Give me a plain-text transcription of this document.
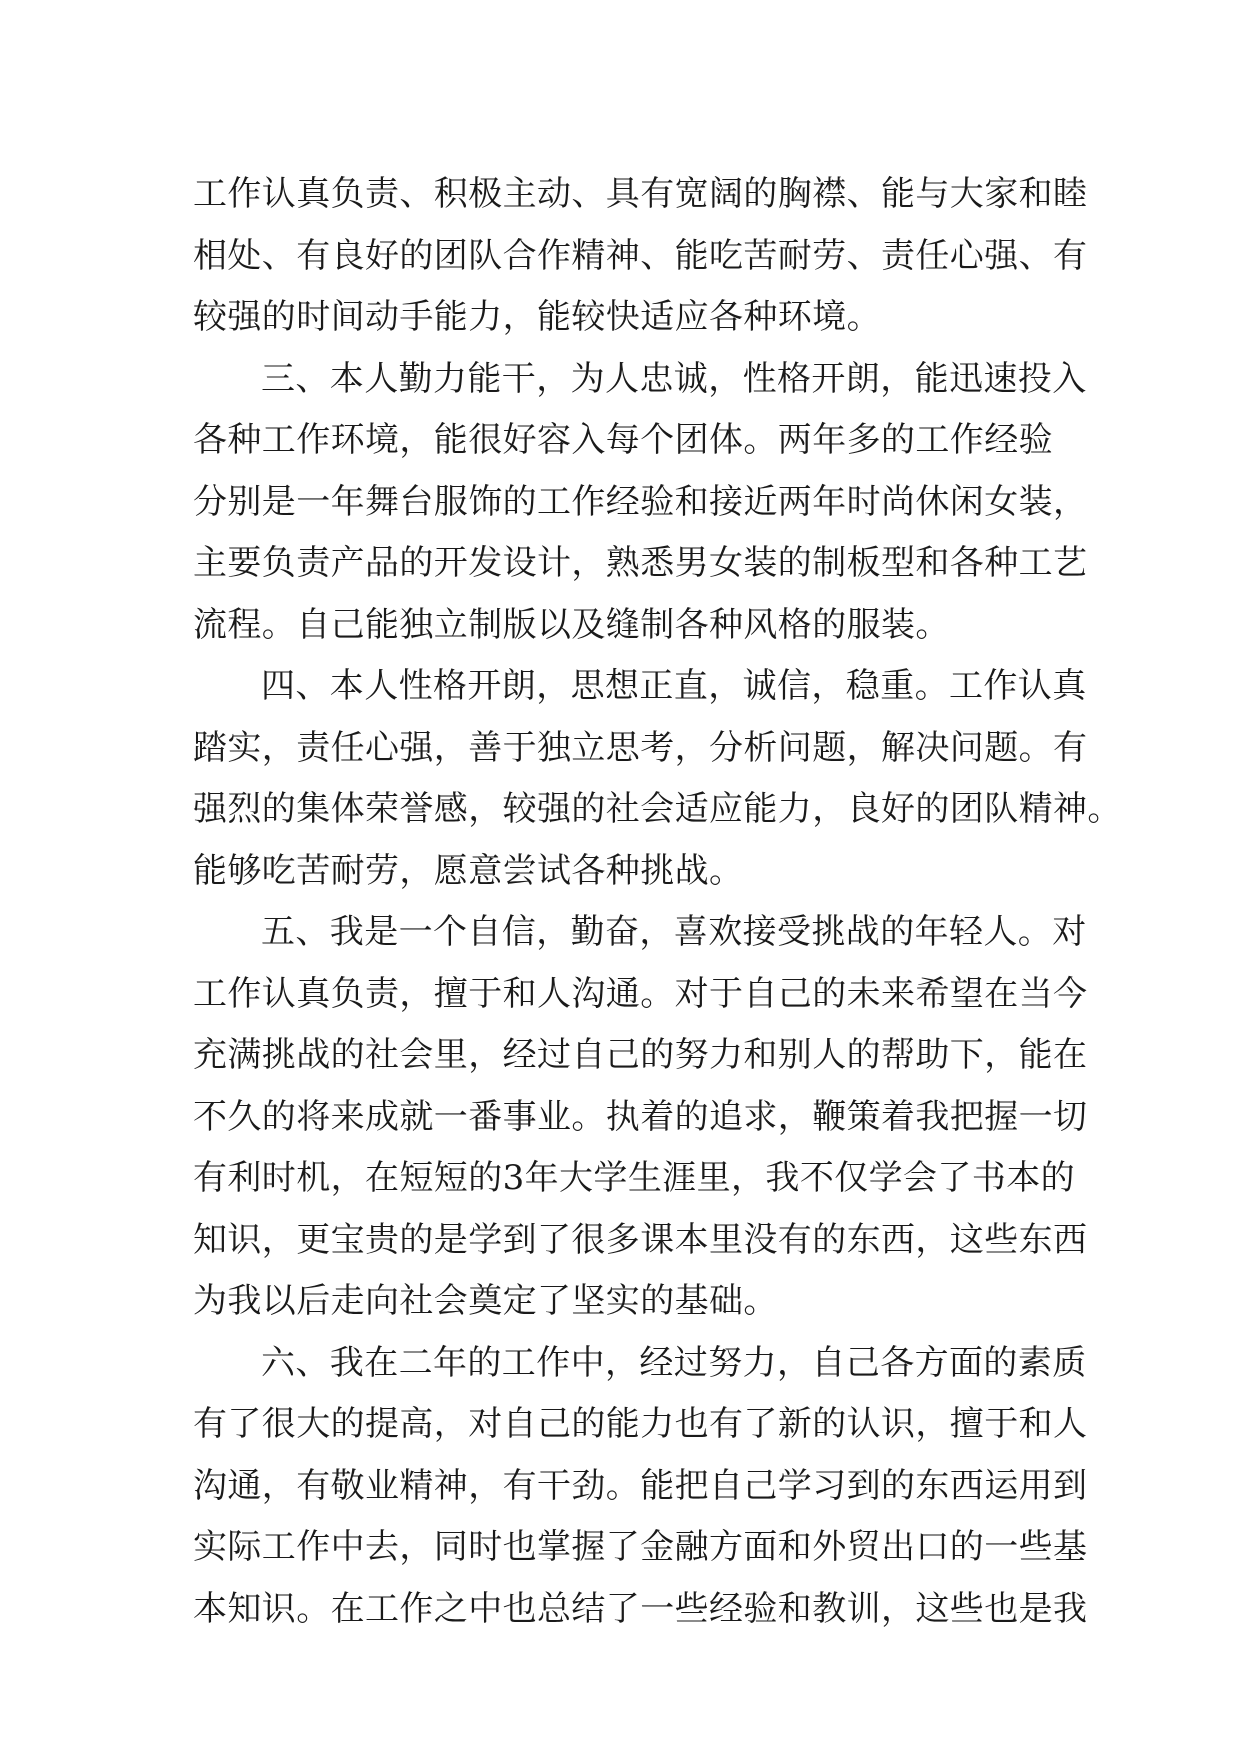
工作认真负责、积极主动、具有宽阔的胸襟、能与大家和睦
相处、有良好的团队合作精神、能吃苦耐劳、责任心强、有
较强的时间动手能力，能较快适应各种环境。
三、本人勤力能干，为人忠诚，性格开朗，能迅速投入
各种工作环境，能很好容入每个团体。两年多的工作经验
分别是一年舞台服饰的工作经验和接近两年时尚休闲女装，
主要负责产品的开发设计，熟悉男女装的制板型和各种工艺
流程。自己能独立制版以及缝制各种风格的服装。
四、本人性格开朗，思想正直，诚信，稳重。工作认真
踏实，责任心强，善于独立思考，分析问题，解决问题。有
强烈的集体荣誉感，较强的社会适应能力，良好的团队精神。
能够吃苦耐劳，愿意尝试各种挑战。
五、我是一个自信，勤奋，喜欢接受挑战的年轻人。对
工作认真负责，擅于和人沟通。对于自己的未来希望在当今
充满挑战的社会里，经过自己的努力和别人的帮助下，能在
不久的将来成就一番事业。执着的追求，鞭策着我把握一切
有利时机，在短短的3年大学生涯里，我不仅学会了书本的
知识，更宝贵的是学到了很多课本里没有的东西，这些东西
为我以后走向社会奠定了坚实的基础。
六、我在二年的工作中，经过努力，自己各方面的素质
有了很大的提高，对自己的能力也有了新的认识，擅于和人
沟通，有敬业精神，有干劲。能把自己学习到的东西运用到
实际工作中去，同时也掌握了金融方面和外贸出口的一些基
本知识。在工作之中也总结了一些经验和教训，这些也是我
